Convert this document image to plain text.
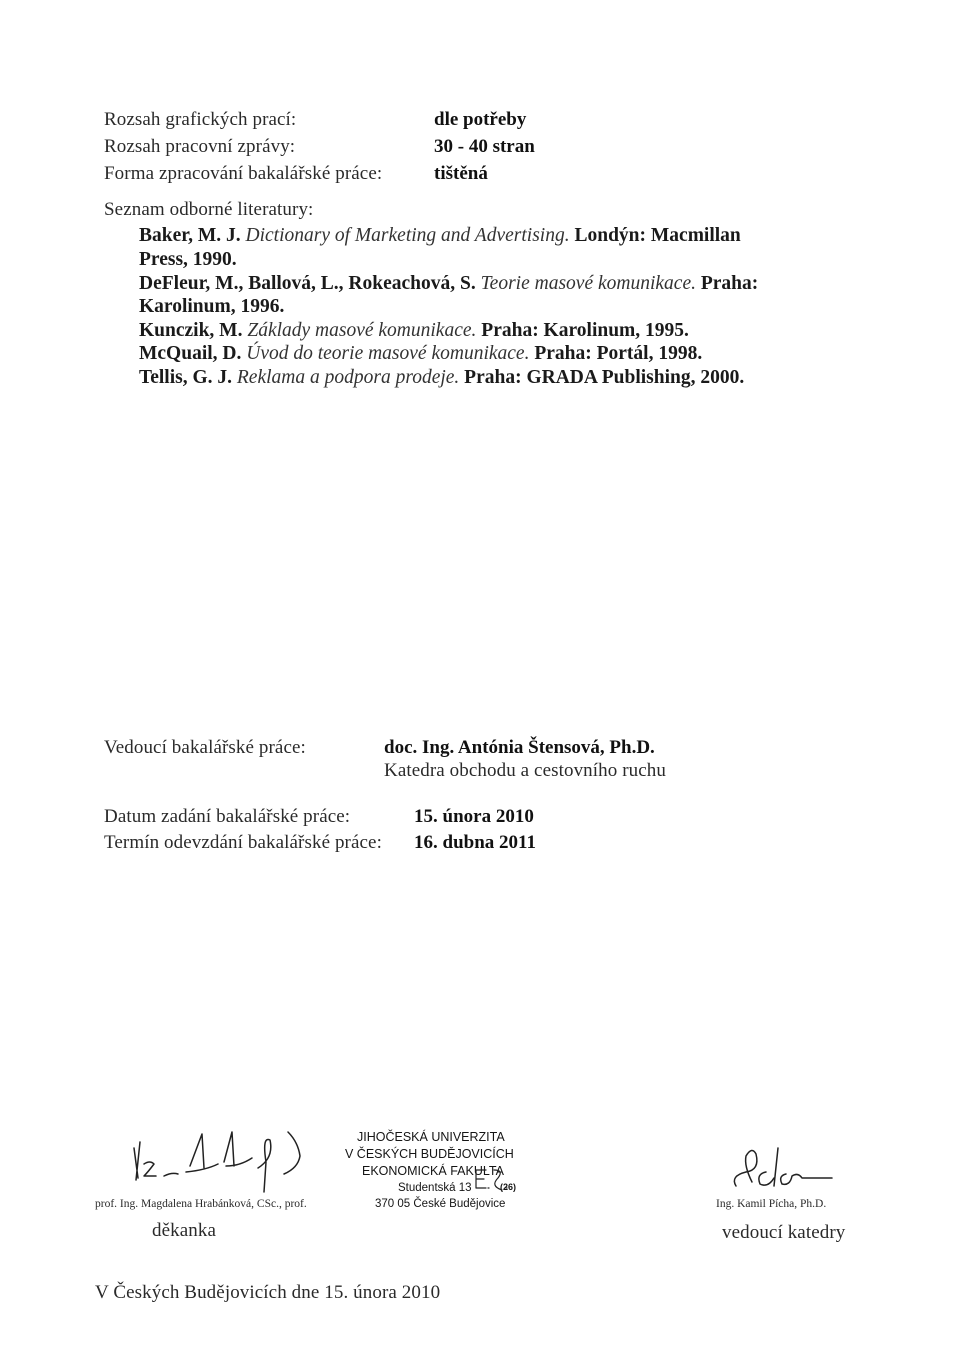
Rozsah grafických prací:	dle potřeby
Rozsah pracovní zprávy:	30 - 40 stran
Forma zpracování bakalářské práce:	tištěná
Seznam odborné literatury:
Baker, M. J. Dictionary of Marketing and Advertising. Londýn: Macmillan
Press, 1990.
DeFleur, M., Ballová, L., Rokeachová, S. Teorie masové komunikace. Praha:
Karolinum, 1996.
Kunczik, M. Základy masové komunikace. Praha: Karolinum, 1995.
McQuail, D. Úvod do teorie masové komunikace. Praha: Portál, 1998.
Tellis, G. J. Reklama a podpora prodeje. Praha: GRADA Publishing, 2000.
Vedoucí bakalářské práce:	doc. Ing. Antónia Štensová, Ph.D.
Katedra obchodu a cestovního ruchu
Datum zadání bakalářské práce:	15. února 2010
Termín odevzdání bakalářské práce: 16. dubna 2011
JIHOČESKÁ UNIVERZITA
V ČESKÝCH BUDĚJOVICÍCH
EKONOMICKÁ FAKULTA
Studentská 13	(26)
370 05 České Budějovice
prof. Ing. Magdalena Hrabánková, CSc., prof.
děkanka
Ing. Kamil Pícha, Ph.D.
vedoucí katedry
V Českých Budějovicích dne 15. února 2010
